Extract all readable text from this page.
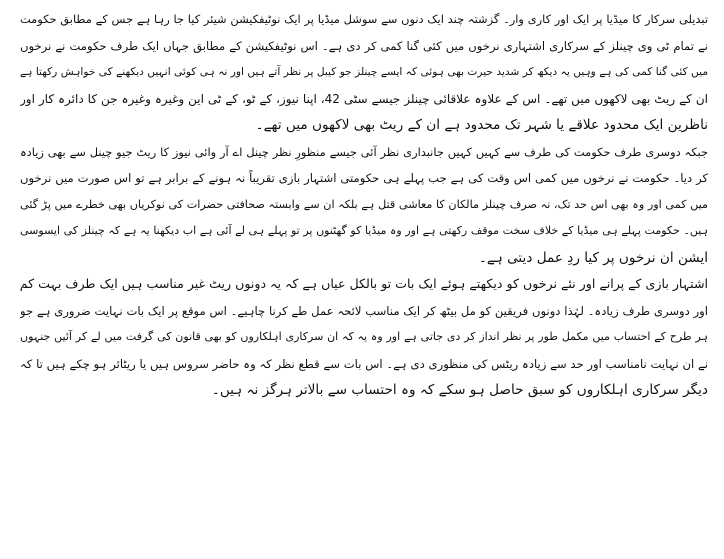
تبدیلی سرکار کا میڈیا پر ایک اور کاری وار۔ گزشتہ چند ایک دنوں سے سوشل میڈیا پر ایک نوٹیفکیشن شیئر کیا جا رہا ہے جس کے مطابق حکومت
نے تمام ٹی وی چینلز کے سرکاری اشتہاری نرخوں میں کئی گنا کمی کر دی ہے۔ اس نوٹیفکیشن کے مطابق جہاں ایک طرف حکومت نے نرخوں
میں کئی گنا کمی کی ہے وہیں یہ دیکھ کر شدید حیرت بھی ہوئی کہ ایسے چینلز جو کیبل پر نظر آتے ہیں اور نہ ہی کوئی انہیں دیکھنے کی خواہش رکھتا ہے
ان کے ریٹ بھی لاکھوں میں تھے۔ اس کے علاوہ علاقائی چینلز جیسے سٹی 42، اپنا نیوز، کے ٹو، کے ٹی این وغیرہ وغیرہ جن کا دائرہ کار اور
ناظرین ایک محدود علاقے یا شہر تک محدود ہے ان کے ریٹ بھی لاکھوں میں تھے۔
جبکہ دوسری طرف حکومت کی طرف سے کہیں کہیں جانبداری نظر آئی جیسے منظورِ نظر چینل اے آر وائی نیوز کا ریٹ جیو چینل سے بھی زیادہ
کر دیا۔ حکومت نے نرخوں میں کمی اس وقت کی ہے جب پہلے ہی حکومتی اشتہار بازی تقریباً نہ ہونے کے برابر ہے تو اس صورت میں نرخوں
میں کمی اور وہ بھی اس حد تک، نہ صرف چینلز مالکان کا معاشی قتل ہے بلکہ ان سے وابستہ صحافتی حضرات کی نوکریاں بھی خطرے میں پڑ گئی
ہیں۔ حکومت پہلے ہی میڈیا کے خلاف سخت موقف رکھتی ہے اور وہ میڈیا کو گھٹنوں پر تو پہلے ہی لے آئی ہے اب دیکھنا یہ ہے کہ چینلز کی ایسوسی
ایشن ان نرخوں پر کیا ردِ عمل دیتی ہے۔
اشتہار بازی کے پرانے اور نئے نرخوں کو دیکھتے ہوئے ایک بات تو بالکل عیاں ہے کہ یہ دونوں ریٹ غیر مناسب ہیں ایک طرف بہت کم
اور دوسری طرف زیادہ۔ لہٰذا دونوں فریقین کو مل بیٹھ کر ایک مناسب لائحہ عمل طے کرنا چاہیے۔ اس موقع پر ایک بات نہایت ضروری ہے جو
ہر طرح کے احتساب میں مکمل طور پر نظر انداز کر دی جاتی ہے اور وہ یہ کہ ان سرکاری اہلکاروں کو بھی قانون کی گرفت میں لے کر آئیں جنہوں
نے ان نہایت نامناسب اور حد سے زیادہ ریٹس کی منظوری دی ہے۔ اس بات سے قطع نظر کہ وہ حاضر سروس ہیں یا ریٹائر ہو چکے ہیں تا کہ
دیگر سرکاری اہلکاروں کو سبق حاصل ہو سکے کہ وہ احتساب سے بالاتر ہرگز نہ ہیں۔
